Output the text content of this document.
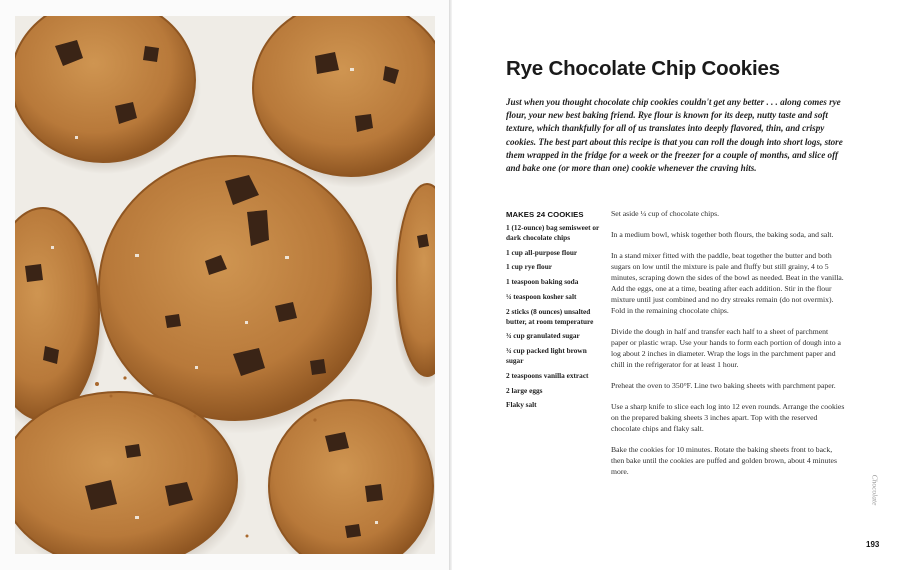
Rye Chocolate Chip Cookies

Just when you thought chocolate chip cookies couldn't get any better . . . along comes rye flour, your new best baking friend. Rye flour is known for its deep, nutty taste and soft texture, which thankfully for all of us translates into deeply flavored, thin, and crispy cookies. The best part about this recipe is that you can roll the dough into short logs, store them wrapped in the fridge for a week or the freezer for a couple of months, and slice off and bake one (or more than one) cookie whenever the craving hits.

MAKES 24 COOKIES
1 (12-ounce) bag semisweet or dark chocolate chips
1 cup all-purpose flour
1 cup rye flour
1 teaspoon baking soda
¼ teaspoon kosher salt
2 sticks (8 ounces) unsalted butter, at room temperature
¾ cup granulated sugar
¾ cup packed light brown sugar
2 teaspoons vanilla extract
2 large eggs
Flaky salt

Set aside ¼ cup of chocolate chips.

In a medium bowl, whisk together both flours, the baking soda, and salt.

In a stand mixer fitted with the paddle, beat together the butter and both sugars on low until the mixture is pale and fluffy but still grainy, 4 to 5 minutes, scraping down the sides of the bowl as needed. Beat in the vanilla. Add the eggs, one at a time, beating after each addition. Stir in the flour mixture until just combined and no dry streaks remain (do not overmix). Fold in the remaining chocolate chips.

Divide the dough in half and transfer each half to a sheet of parchment paper or plastic wrap. Use your hands to form each portion of dough into a log about 2 inches in diameter. Wrap the logs in the parchment paper and chill in the refrigerator for at least 1 hour.

Preheat the oven to 350°F. Line two baking sheets with parchment paper.

Use a sharp knife to slice each log into 12 even rounds. Arrange the cookies on the prepared baking sheets 3 inches apart. Top with the reserved chocolate chips and flaky salt.

Bake the cookies for 10 minutes. Rotate the baking sheets front to back, then bake until the cookies are puffed and golden brown, about 4 minutes more.

Chocolate
193
